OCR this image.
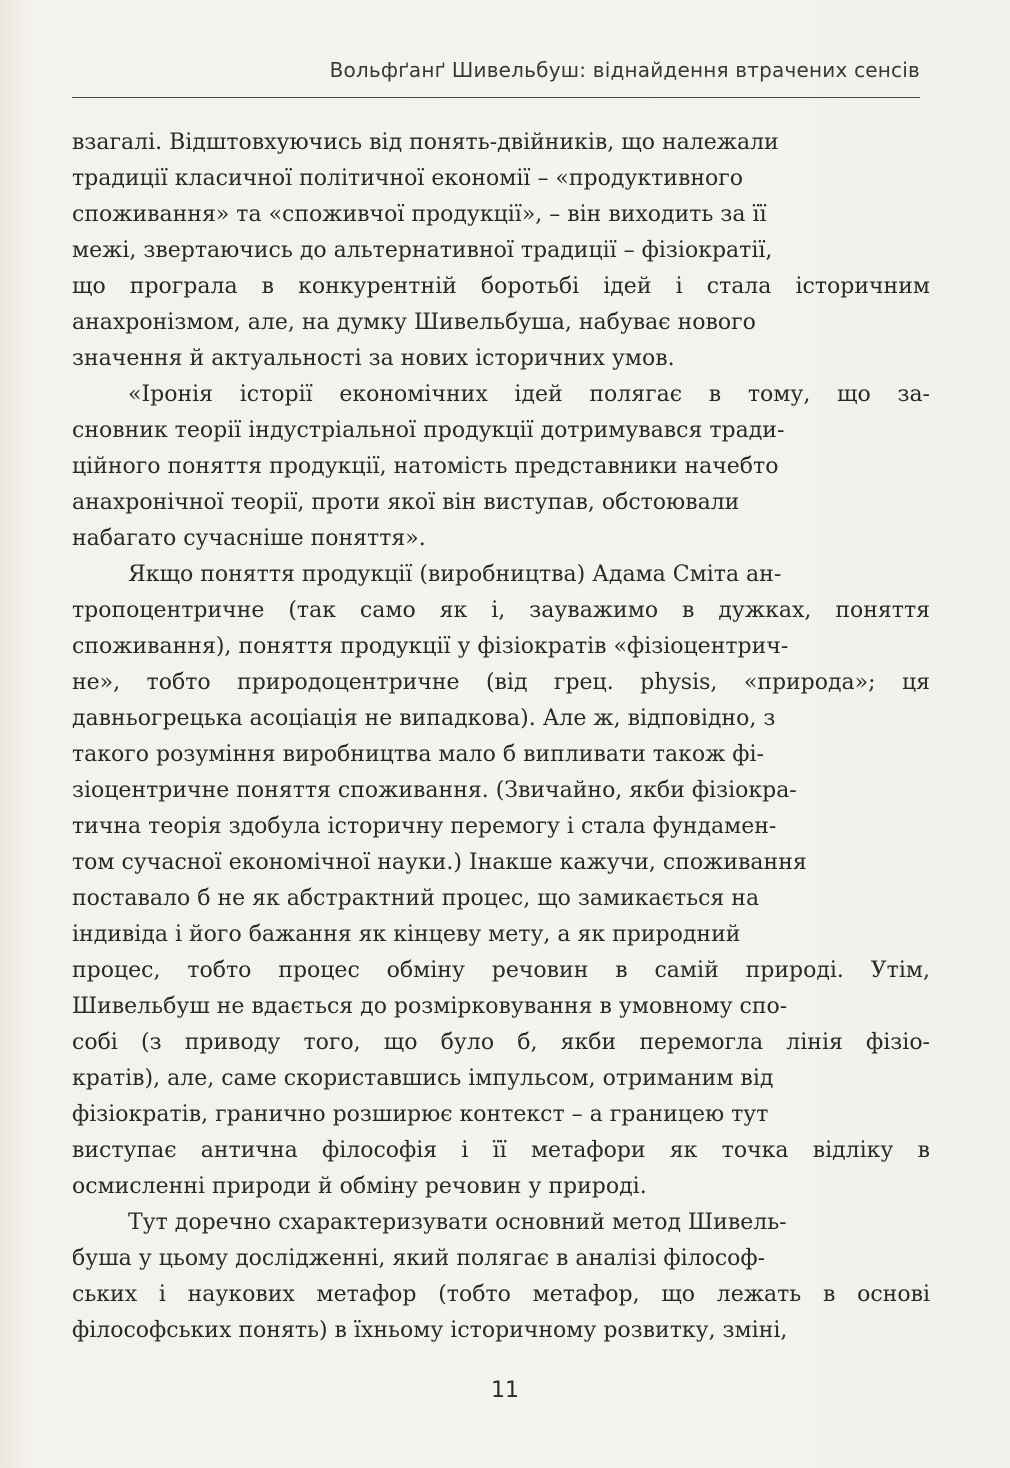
Вольфґанґ Шивельбуш: віднайдення втрачених сенсів
взагалі. Відштовхуючись від понять-двійників, що належали
традиції класичної політичної економії – «продуктивного
споживання» та «споживчої продукції», – він виходить за її
межі, звертаючись до альтернативної традиції – фізіократії,
що програла в конкурентній боротьбі ідей і стала історичним
анахронізмом, але, на думку Шивельбуша, набуває нового
значення й актуальності за нових історичних умов.
«Іронія історії економічних ідей полягає в тому, що за-
сновник теорії індустріальної продукції дотримувався тради-
ційного поняття продукції, натомість представники начебто
анахронічної теорії, проти якої він виступав, обстоювали
набагато сучасніше поняття».
Якщо поняття продукції (виробництва) Адама Сміта ан-
тропоцентричне (так само як і, зауважимо в дужках, поняття
споживання), поняття продукції у фізіократів «фізіоцентрич-
не», тобто природоцентричне (від грец. physis, «природа»; ця
давньогрецька асоціація не випадкова). Але ж, відповідно, з
такого розуміння виробництва мало б випливати також фі-
зіоцентричне поняття споживання. (Звичайно, якби фізіокра-
тична теорія здобула історичну перемогу і стала фундамен-
том сучасної економічної науки.) Інакше кажучи, споживання
поставало б не як абстрактний процес, що замикається на
індивіда і його бажання як кінцеву мету, а як природний
процес, тобто процес обміну речовин в самій природі. Утім,
Шивельбуш не вдається до розмірковування в умовному спо-
собі (з приводу того, що було б, якби перемогла лінія фізіо-
кратів), але, саме скориставшись імпульсом, отриманим від
фізіократів, гранично розширює контекст – а границею тут
виступає антична філософія і її метафори як точка відліку в
осмисленні природи й обміну речовин у природі.
Тут доречно схарактеризувати основний метод Шивель-
буша у цьому дослідженні, який полягає в аналізі філософ-
ських і наукових метафор (тобто метафор, що лежать в основі
філософських понять) в їхньому історичному розвитку, зміні,
11
